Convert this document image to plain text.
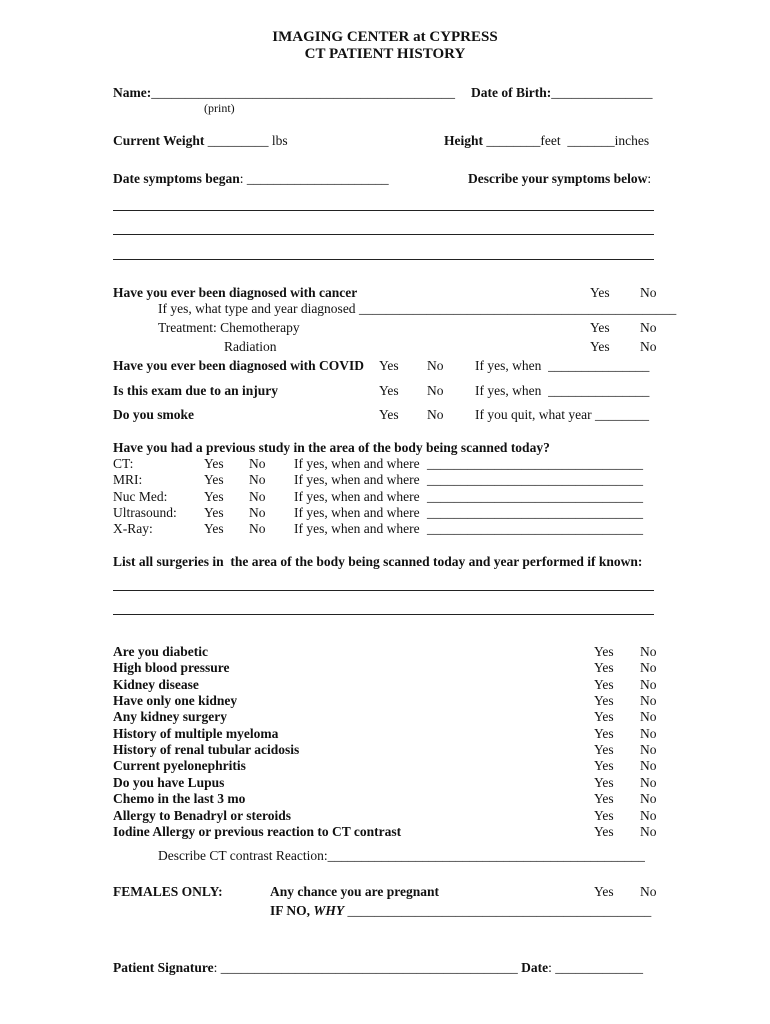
IMAGING CENTER at CYPRESS
CT PATIENT HISTORY
Name:_____________________________________________ Date of Birth:_______________
(print)
Current Weight _________ lbs	Height ________feet _______inches
Date symptoms began: _____________________	Describe your symptoms below:
Have you ever been diagnosed with cancer	Yes No
If yes, what type and year diagnosed _______________________________________________
Treatment: Chemotherapy	Yes No
Radiation	Yes No
Have you ever been diagnosed with COVID Yes No If yes, when _______________
Is this exam due to an injury	Yes No If yes, when _______________
Do you smoke	Yes No If you quit, what year ________
Have you had a previous study in the area of the body being scanned today?
CT:	Yes No If yes, when and where ________________________________
MRI:	Yes No If yes, when and where ________________________________
Nuc Med:	Yes No If yes, when and where ________________________________
Ultrasound: Yes No If yes, when and where ________________________________
X-Ray:	Yes No If yes, when and where ________________________________
List all surgeries in  the area of the body being scanned today and year performed if known:
Are you diabetic	Yes No
High blood pressure	Yes No
Kidney disease	Yes No
Have only one kidney	Yes No
Any kidney surgery	Yes No
History of multiple myeloma	Yes No
History of renal tubular acidosis	Yes No
Current pyelonephritis	Yes No
Do you have Lupus	Yes No
Chemo in the last 3 mo	Yes No
Allergy to Benadryl or steroids	Yes No
Iodine Allergy or previous reaction to CT contrast	Yes No
Describe CT contrast Reaction:_______________________________________________
FEMALES ONLY:	Any chance you are pregnant	Yes No
IF NO, WHY _____________________________________________
Patient Signature: ____________________________________________ Date: _____________
